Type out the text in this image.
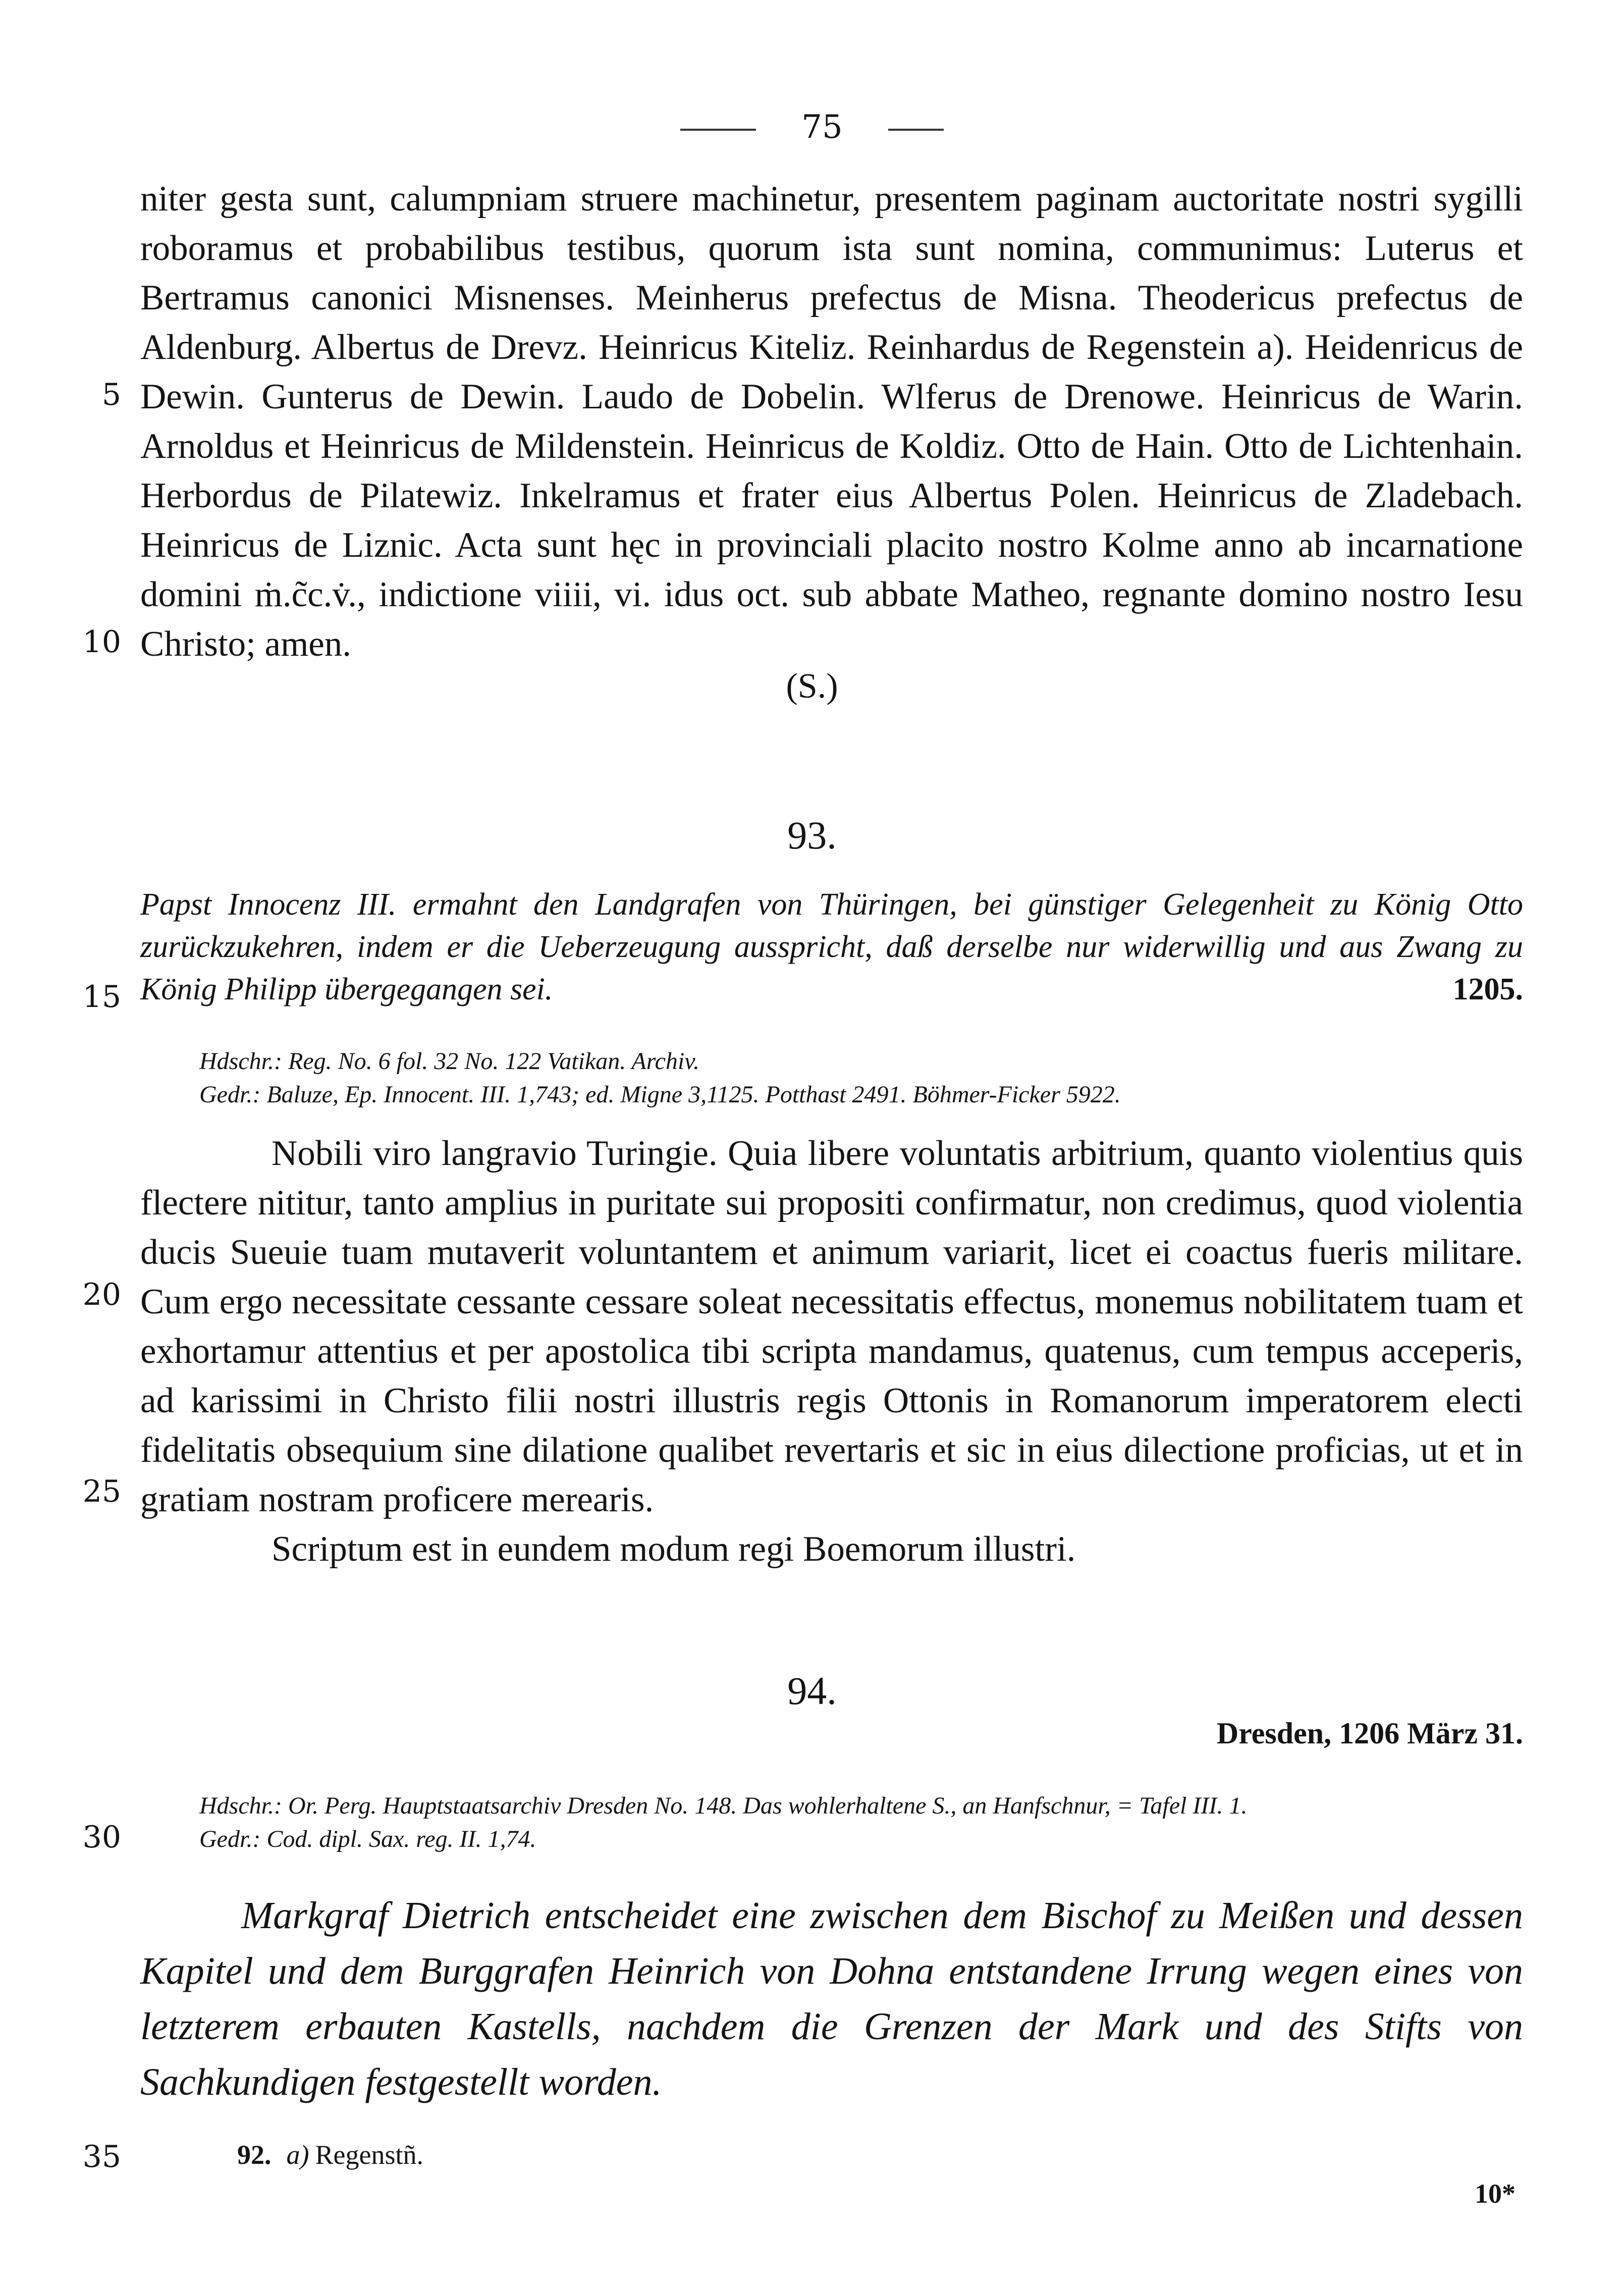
75
5
10
15
20
25
30
35

niter gesta sunt, calumpniam struere machinetur, presentem paginam auctoritate nostri sygilli roboramus et probabilibus testibus, quorum ista sunt nomina, communimus: Luterus et Bertramus canonici Misnenses. Meinherus prefectus de Misna. Theodericus prefectus de Aldenburg. Albertus de Drevz. Heinricus Kiteliz. Reinhardus de Regenstein a). Heidenricus de Dewin. Gunterus de Dewin. Laudo de Dobelin. Wlferus de Drenowe. Heinricus de Warin. Arnoldus et Heinricus de Mildenstein. Heinricus de Koldiz. Otto de Hain. Otto de Lichtenhain. Herbordus de Pilatewiz. Inkelramus et frater eius Albertus Polen. Heinricus de Zladebach. Heinricus de Liznic. Acta sunt hęc in provinciali placito nostro Kolme anno ab incarnatione domini ṁ.c̃c.v̇., indictione viiii, vi. idus oct. sub abbate Matheo, regnante domino nostro Iesu Christo; amen.

(S.)
93.
Papst Innocenz III. ermahnt den Landgrafen von Thüringen, bei günstiger Gelegenheit zu König Otto zurückzukehren, indem er die Ueberzeugung ausspricht, daß derselbe nur widerwillig und aus Zwang zu König Philipp übergegangen sei.	1205.
Hdschr.: Reg. No. 6 fol. 32 No. 122 Vatikan. Archiv.
Gedr.: Baluze, Ep. Innocent. III. 1,743; ed. Migne 3,1125. Potthast 2491. Böhmer-Ficker 5922.

Nobili viro langravio Turingie. Quia libere voluntatis arbitrium, quanto violentius quis flectere nititur, tanto amplius in puritate sui propositi confirmatur, non credimus, quod violentia ducis Sueuie tuam mutaverit voluntantem et animum variarit, licet ei coactus fueris militare. Cum ergo necessitate cessante cessare soleat necessitatis effectus, monemus nobilitatem tuam et exhortamur attentius et per apostolica tibi scripta mandamus, quatenus, cum tempus acceperis, ad karissimi in Christo filii nostri illustris regis Ottonis in Romanorum imperatorem electi fidelitatis obsequium sine dilatione qualibet revertaris et sic in eius dilectione proficias, ut et in gratiam nostram proficere merearis.
Scriptum est in eundem modum regi Boemorum illustri.

94.
Dresden, 1206 März 31.
Hdschr.: Or. Perg. Hauptstaatsarchiv Dresden No. 148. Das wohlerhaltene S., an Hanfschnur, = Tafel III. 1.
Gedr.: Cod. dipl. Sax. reg. II. 1,74.

Markgraf Dietrich entscheidet eine zwischen dem Bischof zu Meißen und dessen Kapitel und dem Burggrafen Heinrich von Dohna entstandene Irrung wegen eines von letzterem erbauten Kastells, nachdem die Grenzen der Mark und des Stifts von Sachkundigen festgestellt worden.

92. a) Regenstñ.
10*
